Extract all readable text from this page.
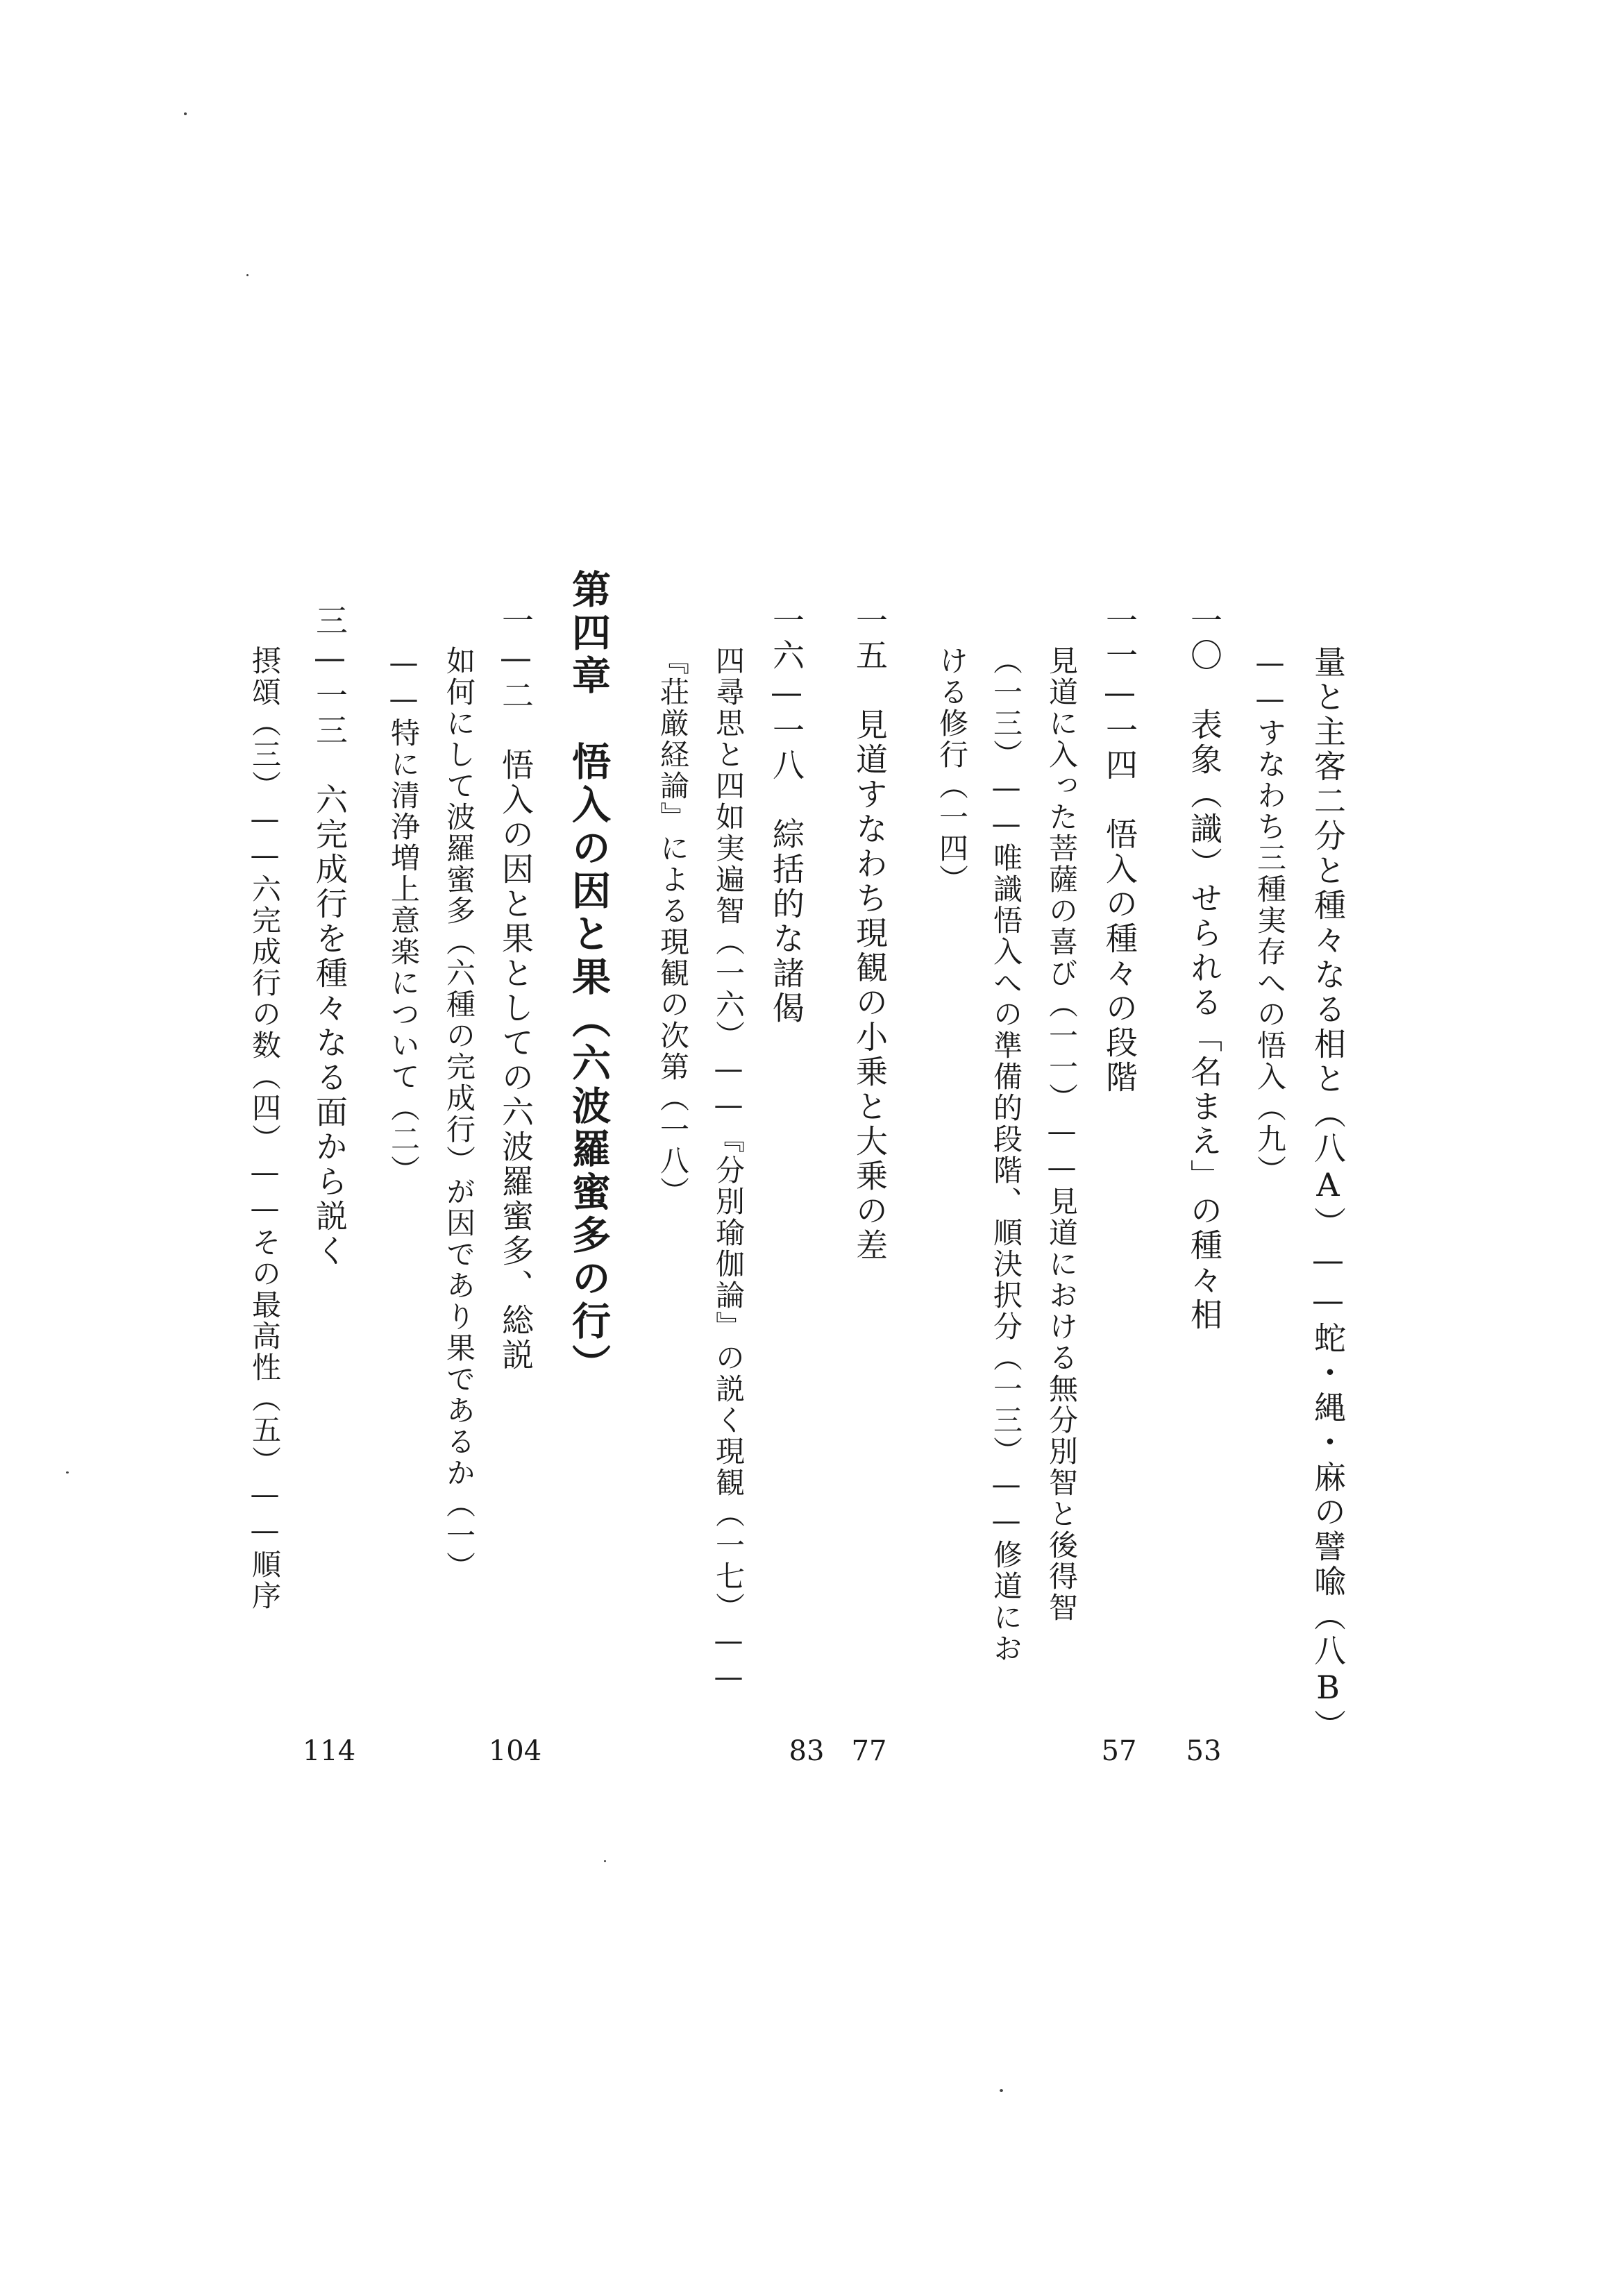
量と主客二分と種々なる相と（八A）——蛇・縄・麻の譬喩（八B）
——すなわち三種実存への悟入（九）
一〇　表象（識）せられる「名まえ」の種々相
一一—一四　悟入の種々の段階
見道に入った菩薩の喜び（一一）——見道における無分別智と後得智
（一三）——唯識悟入への準備的段階、順決択分（一三）——修道にお
ける修行（一四）
一五　見道すなわち現観の小乗と大乗の差
一六—一八　綜括的な諸偈
四尋思と四如実遍智（一六）——『分別瑜伽論』の説く現観（一七）——
『荘厳経論』による現観の次第（一八）
第四章　悟入の因と果（六波羅蜜多の行）
一—二　悟入の因と果としての六波羅蜜多、総説
如何にして波羅蜜多（六種の完成行）が因であり果であるか（一）
——特に清浄増上意楽について（二）
三—一三　六完成行を種々なる面から説く
摂頌（三）——六完成行の数（四）——その最高性（五）——順序
53
57
77
83
104
114
